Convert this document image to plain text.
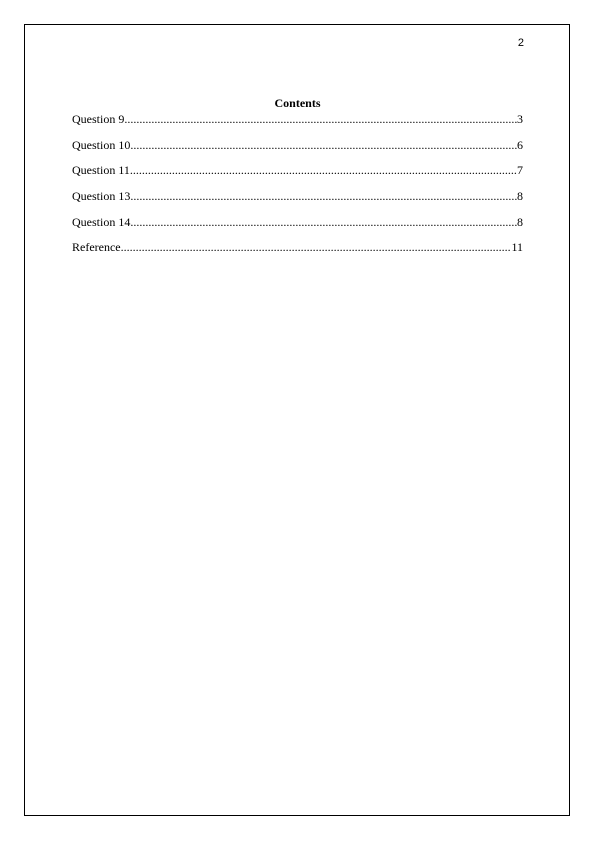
2
Contents
Question 9 .....	3
Question 10 .....	6
Question 11 .....	7
Question 13 .....	8
Question 14 .....	8
Reference .....	11
